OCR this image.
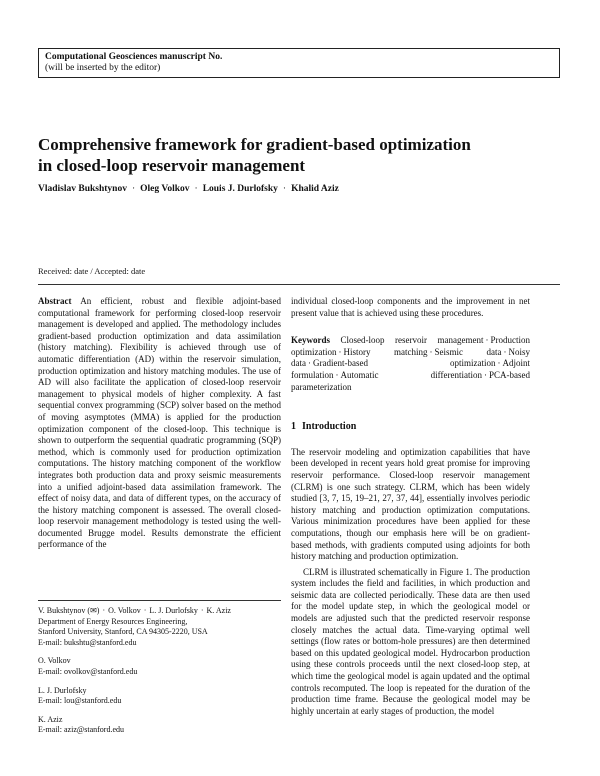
Computational Geosciences manuscript No.
(will be inserted by the editor)
Comprehensive framework for gradient-based optimization
in closed-loop reservoir management
Vladislav Bukshtynov · Oleg Volkov · Louis J. Durlofsky · Khalid Aziz
Received: date / Accepted: date

Abstract An efficient, robust and flexible adjoint-based computational framework for performing closed-loop reservoir management is developed and applied. The methodology includes gradient-based production optimization and data assimilation (history matching). Flexibility is achieved through use of automatic differentiation (AD) within the reservoir simulation, production optimization and history matching modules. The use of AD will also facilitate the application of closed-loop reservoir management to physical models of higher complexity. A fast sequential convex programming (SCP) solver based on the method of moving asymptotes (MMA) is applied for the production optimization component of the closed-loop. This technique is shown to outperform the sequential quadratic programming (SQP) method, which is commonly used for production optimization computations. The history matching component of the workflow integrates both production data and proxy seismic measurements into a unified adjoint-based data assimilation framework. The effect of noisy data, and data of different types, on the accuracy of the history matching component is assessed. The overall closed-loop reservoir management methodology is tested using the well-documented Brugge model. Results demonstrate the efficient performance of the

V. Bukshtynov (✉) · O. Volkov · L. J. Durlofsky · K. Aziz
Department of Energy Resources Engineering,
Stanford University, Stanford, CA 94305-2220, USA
E-mail: bukshtu@stanford.edu
O. Volkov
E-mail: ovolkov@stanford.edu
L. J. Durlofsky
E-mail: lou@stanford.edu
K. Aziz
E-mail: aziz@stanford.edu

individual closed-loop components and the improvement in net present value that is achieved using these procedures.

Keywords Closed-loop reservoir management · Production optimization · History matching · Seismic data · Noisy data · Gradient-based optimization · Adjoint formulation · Automatic differentiation · PCA-based parameterization

1 Introduction

The reservoir modeling and optimization capabilities that have been developed in recent years hold great promise for improving reservoir performance. Closed-loop reservoir management (CLRM) is one such strategy. CLRM, which has been widely studied [3, 7, 15, 19–21, 27, 37, 44], essentially involves periodic history matching and production optimization computations. Various minimization procedures have been applied for these computations, though our emphasis here will be on gradient-based methods, with gradients computed using adjoints for both history matching and production optimization.

CLRM is illustrated schematically in Figure 1. The production system includes the field and facilities, in which production and seismic data are collected periodically. These data are then used for the model update step, in which the geological model or models are adjusted such that the predicted reservoir response closely matches the actual data. Time-varying optimal well settings (flow rates or bottom-hole pressures) are then determined based on this updated geological model. Hydrocarbon production using these controls proceeds until the next closed-loop step, at which time the geological model is again updated and the optimal controls recomputed. The loop is repeated for the duration of the production time frame. Because the geological model may be highly uncertain at early stages of production, the model
